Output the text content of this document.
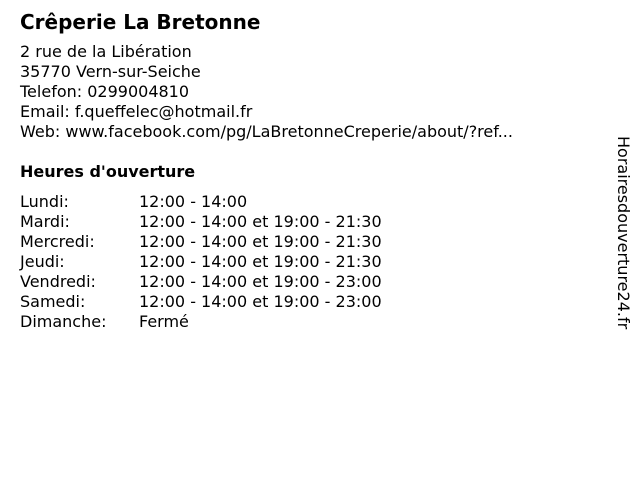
Crêperie La Bretonne
2 rue de la Libération
35770 Vern-sur-Seiche
Telefon: 0299004810
Email: f.queffelec@hotmail.fr
Web: www.facebook.com/pg/LaBretonneCreperie/about/?ref...
Heures d'ouverture
Lundi:	12:00 - 14:00
Mardi:	12:00 - 14:00 et 19:00 - 21:30
Mercredi:	12:00 - 14:00 et 19:00 - 21:30
Jeudi:	12:00 - 14:00 et 19:00 - 21:30
Vendredi:	12:00 - 14:00 et 19:00 - 23:00
Samedi:	12:00 - 14:00 et 19:00 - 23:00
Dimanche:	Fermé	Horairesdouverture24.fr
